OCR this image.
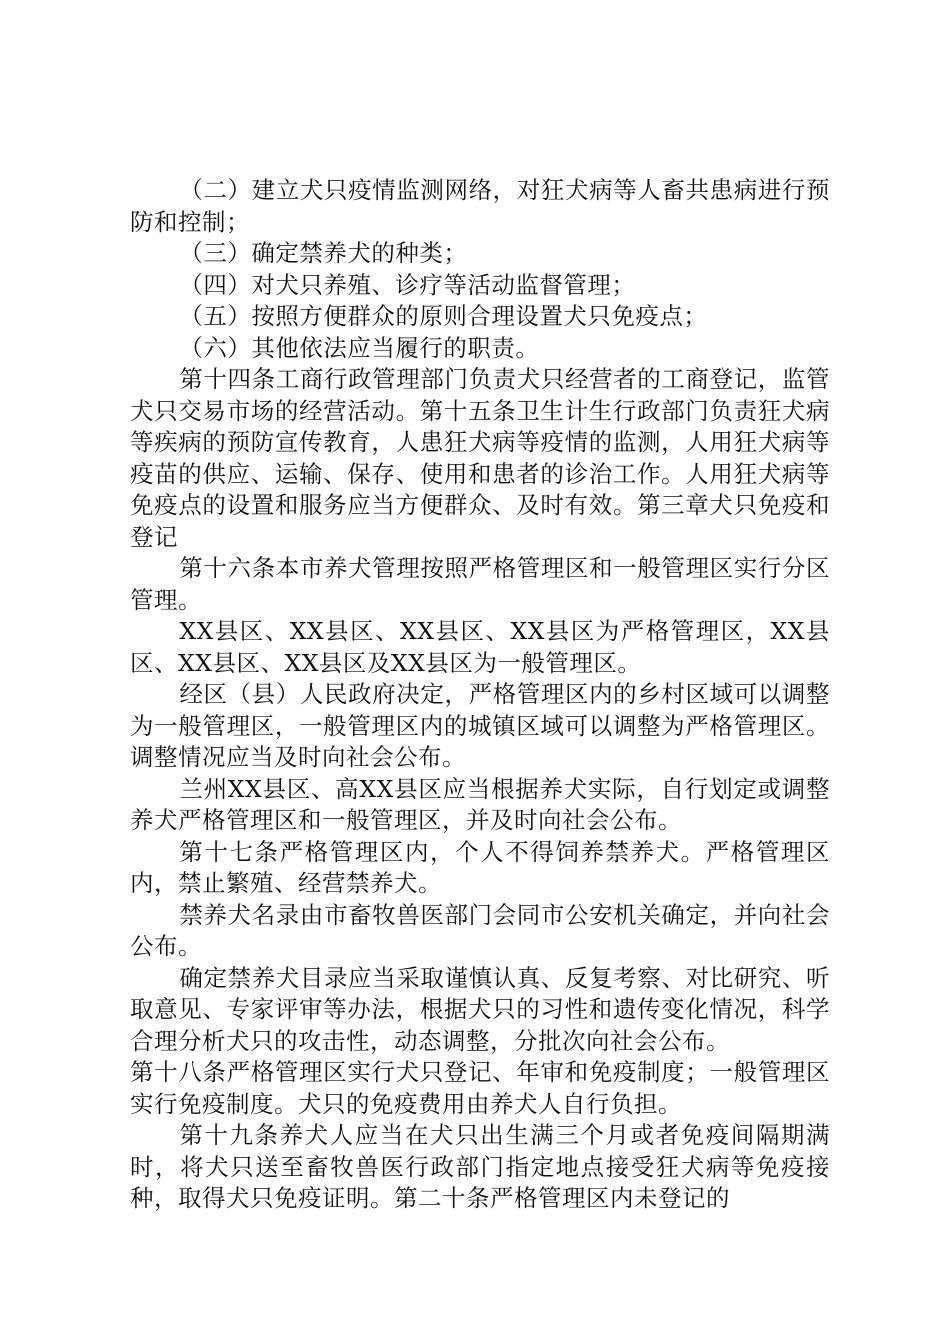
（二）建立犬只疫情监测网络，对狂犬病等人畜共患病进行预防和控制；

（三）确定禁养犬的种类；

（四）对犬只养殖、诊疗等活动监督管理；

（五）按照方便群众的原则合理设置犬只免疫点；

（六）其他依法应当履行的职责。

第十四条工商行政管理部门负责犬只经营者的工商登记，监管犬只交易市场的经营活动。第十五条卫生计生行政部门负责狂犬病等疾病的预防宣传教育，人患狂犬病等疫情的监测，人用狂犬病等疫苗的供应、运输、保存、使用和患者的诊治工作。人用狂犬病等免疫点的设置和服务应当方便群众、及时有效。第三章犬只免疫和登记

第十六条本市养犬管理按照严格管理区和一般管理区实行分区管理。

XX县区、XX县区、XX县区、XX县区为严格管理区，XX县区、XX县区、XX县区及XX县区为一般管理区。

经区（县）人民政府决定，严格管理区内的乡村区域可以调整为一般管理区，一般管理区内的城镇区域可以调整为严格管理区。调整情况应当及时向社会公布。

兰州XX县区、高XX县区应当根据养犬实际，自行划定或调整养犬严格管理区和一般管理区，并及时向社会公布。

第十七条严格管理区内，个人不得饲养禁养犬。严格管理区内，禁止繁殖、经营禁养犬。

禁养犬名录由市畜牧兽医部门会同市公安机关确定，并向社会公布。

确定禁养犬目录应当采取谨慎认真、反复考察、对比研究、听取意见、专家评审等办法，根据犬只的习性和遗传变化情况，科学合理分析犬只的攻击性，动态调整，分批次向社会公布。

第十八条严格管理区实行犬只登记、年审和免疫制度；一般管理区实行免疫制度。犬只的免疫费用由养犬人自行负担。

第十九条养犬人应当在犬只出生满三个月或者免疫间隔期满时，将犬只送至畜牧兽医行政部门指定地点接受狂犬病等免疫接种，取得犬只免疫证明。第二十条严格管理区内未登记的
